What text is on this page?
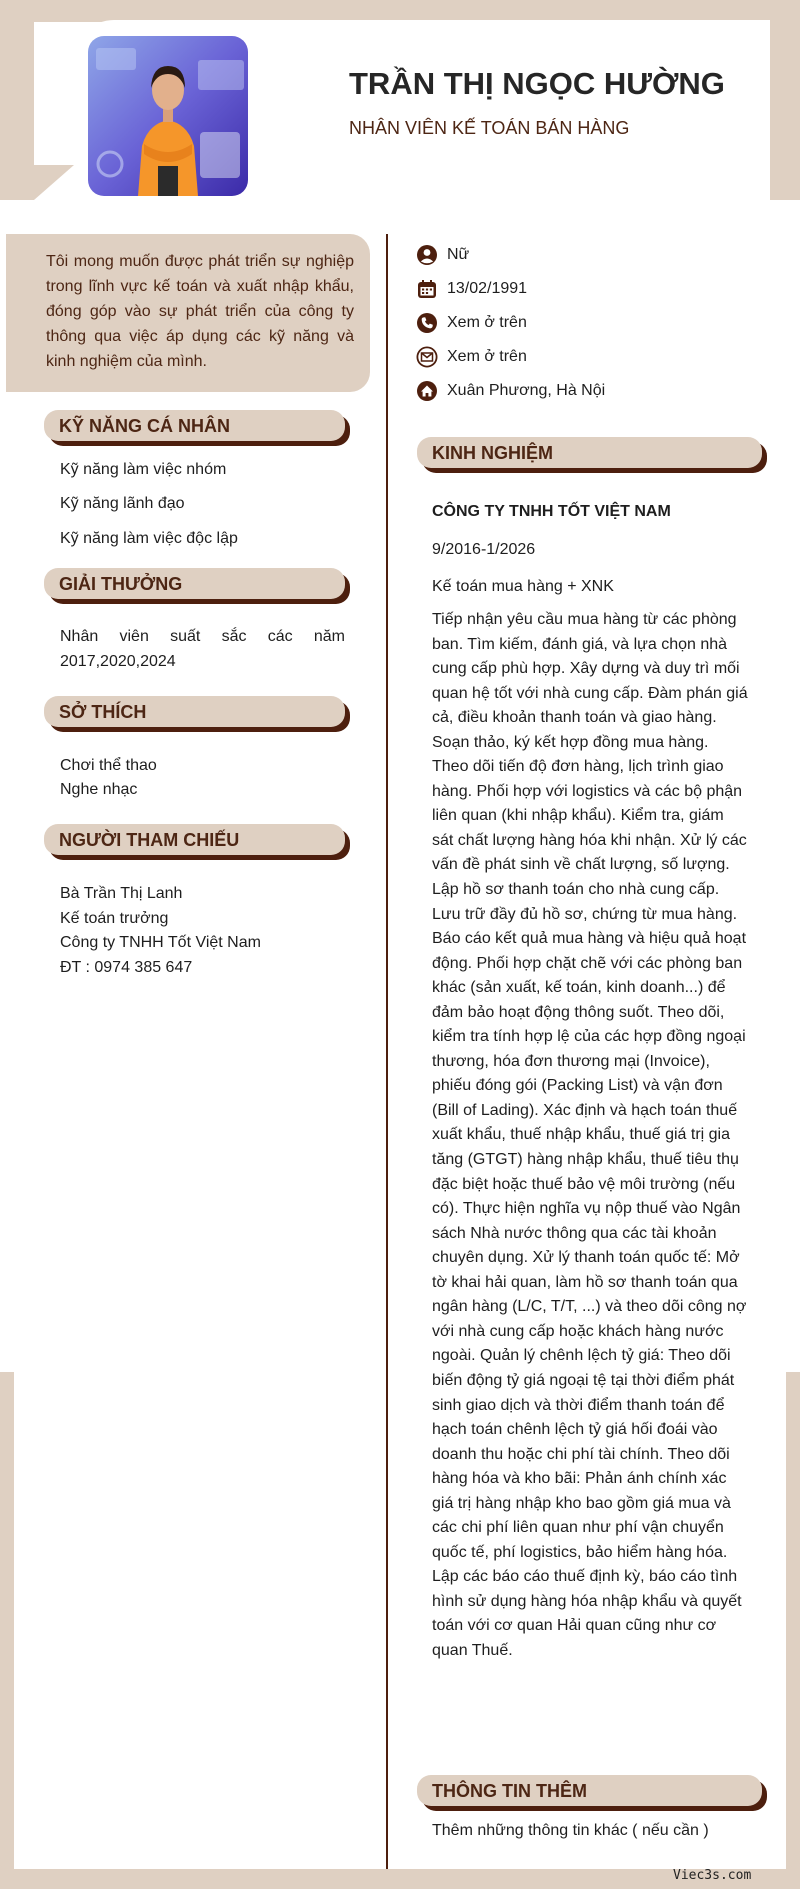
TRẦN THỊ NGỌC HƯỜNG
NHÂN VIÊN KẾ TOÁN BÁN HÀNG
Tôi mong muốn được phát triển sự nghiệp trong lĩnh vực kế toán và xuất nhập khẩu, đóng góp vào sự phát triển của công ty thông qua việc áp dụng các kỹ năng và kinh nghiệm của mình.
KỸ NĂNG CÁ NHÂN
Kỹ năng làm việc nhóm
Kỹ năng lãnh đạo
Kỹ năng làm việc độc lập
GIẢI THƯỞNG
Nhân viên suất sắc các năm
2017,2020,2024
SỞ THÍCH
Chơi thể thao
Nghe nhạc
NGƯỜI THAM CHIẾU
Bà Trần Thị Lanh
Kế toán trưởng
Công ty TNHH Tốt Việt Nam
ĐT : 0974 385 647
Nữ
13/02/1991
Xem ở trên
Xem ở trên
Xuân Phương, Hà Nội
KINH NGHIỆM
CÔNG TY TNHH TỐT VIỆT NAM
9/2016-1/2026
Kế toán mua hàng + XNK
Tiếp nhận yêu cầu mua hàng từ các phòng ban. Tìm kiếm, đánh giá, và lựa chọn nhà cung cấp phù hợp. Xây dựng và duy trì mối quan hệ tốt với nhà cung cấp. Đàm phán giá cả, điều khoản thanh toán và giao hàng. Soạn thảo, ký kết hợp đồng mua hàng. Theo dõi tiến độ đơn hàng, lịch trình giao hàng. Phối hợp với logistics và các bộ phận liên quan (khi nhập khẩu). Kiểm tra, giám sát chất lượng hàng hóa khi nhận. Xử lý các vấn đề phát sinh về chất lượng, số lượng. Lập hồ sơ thanh toán cho nhà cung cấp. Lưu trữ đầy đủ hồ sơ, chứng từ mua hàng. Báo cáo kết quả mua hàng và hiệu quả hoạt động. Phối hợp chặt chẽ với các phòng ban khác (sản xuất, kế toán, kinh doanh...) để đảm bảo hoạt động thông suốt. Theo dõi, kiểm tra tính hợp lệ của các hợp đồng ngoại thương, hóa đơn thương mại (Invoice), phiếu đóng gói (Packing List) và vận đơn (Bill of Lading). Xác định và hạch toán thuế xuất khẩu, thuế nhập khẩu, thuế giá trị gia tăng (GTGT) hàng nhập khẩu, thuế tiêu thụ đặc biệt hoặc thuế bảo vệ môi trường (nếu có). Thực hiện nghĩa vụ nộp thuế vào Ngân sách Nhà nước thông qua các tài khoản chuyên dụng. Xử lý thanh toán quốc tế: Mở tờ khai hải quan, làm hồ sơ thanh toán qua ngân hàng (L/C, T/T, ...) và theo dõi công nợ với nhà cung cấp hoặc khách hàng nước ngoài. Quản lý chênh lệch tỷ giá: Theo dõi biến động tỷ giá ngoại tệ tại thời điểm phát sinh giao dịch và thời điểm thanh toán để hạch toán chênh lệch tỷ giá hối đoái vào doanh thu hoặc chi phí tài chính. Theo dõi hàng hóa và kho bãi: Phản ánh chính xác giá trị hàng nhập kho bao gồm giá mua và các chi phí liên quan như phí vận chuyển quốc tế, phí logistics, bảo hiểm hàng hóa. Lập các báo cáo thuế định kỳ, báo cáo tình hình sử dụng hàng hóa nhập khẩu và quyết toán với cơ quan Hải quan cũng như cơ quan Thuế.
THÔNG TIN THÊM
Thêm những thông tin khác ( nếu cần )
Viec3s.com
